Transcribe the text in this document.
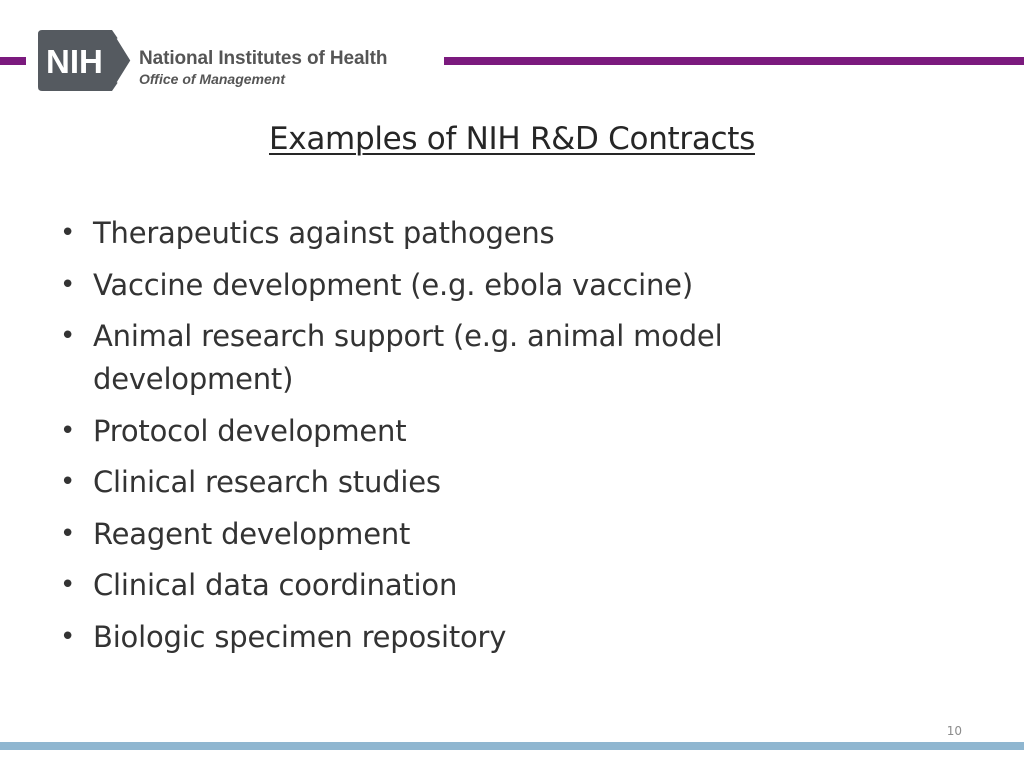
NIH National Institutes of Health
Office of Management
Examples of NIH R&D Contracts
• Therapeutics against pathogens
• Vaccine development (e.g. ebola vaccine)
• Animal research support (e.g. animal model development)
• Protocol development
• Clinical research studies
• Reagent development
• Clinical data coordination
• Biologic specimen repository
10
